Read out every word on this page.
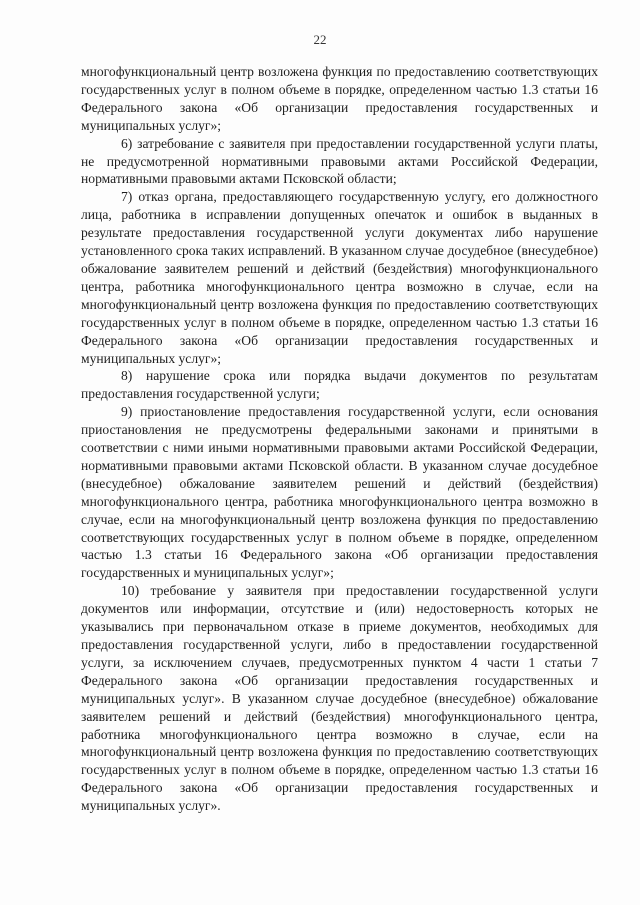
22

многофункциональный центр возложена функция по предоставлению соответствующих государственных услуг в полном объеме в порядке, определенном частью 1.3 статьи 16 Федерального закона «Об организации предоставления государственных и муниципальных услуг»;

6) затребование с заявителя при предоставлении государственной услуги платы, не предусмотренной нормативными правовыми актами Российской Федерации, нормативными правовыми актами Псковской области;

7) отказ органа, предоставляющего государственную услугу, его должностного лица, работника в исправлении допущенных опечаток и ошибок в выданных в результате предоставления государственной услуги документах либо нарушение установленного срока таких исправлений. В указанном случае досудебное (внесудебное) обжалование заявителем решений и действий (бездействия) многофункционального центра, работника многофункционального центра возможно в случае, если на многофункциональный центр возложена функция по предоставлению соответствующих государственных услуг в полном объеме в порядке, определенном частью 1.3 статьи 16 Федерального закона «Об организации предоставления государственных и муниципальных услуг»;

8) нарушение срока или порядка выдачи документов по результатам предоставления государственной услуги;

9) приостановление предоставления государственной услуги, если основания приостановления не предусмотрены федеральными законами и принятыми в соответствии с ними иными нормативными правовыми актами Российской Федерации, нормативными правовыми актами Псковской области. В указанном случае досудебное (внесудебное) обжалование заявителем решений и действий (бездействия) многофункционального центра, работника многофункционального центра возможно в случае, если на многофункциональный центр возложена функция по предоставлению соответствующих государственных услуг в полном объеме в порядке, определенном частью 1.3 статьи 16 Федерального закона «Об организации предоставления государственных и муниципальных услуг»;

10) требование у заявителя при предоставлении государственной услуги документов или информации, отсутствие и (или) недостоверность которых не указывались при первоначальном отказе в приеме документов, необходимых для предоставления государственной услуги, либо в предоставлении государственной услуги, за исключением случаев, предусмотренных пунктом 4 части 1 статьи 7 Федерального закона «Об организации предоставления государственных и муниципальных услуг». В указанном случае досудебное (внесудебное) обжалование заявителем решений и действий (бездействия) многофункционального центра, работника многофункционального центра возможно в случае, если на многофункциональный центр возложена функция по предоставлению соответствующих государственных услуг в полном объеме в порядке, определенном частью 1.3 статьи 16 Федерального закона «Об организации предоставления государственных и муниципальных услуг».
